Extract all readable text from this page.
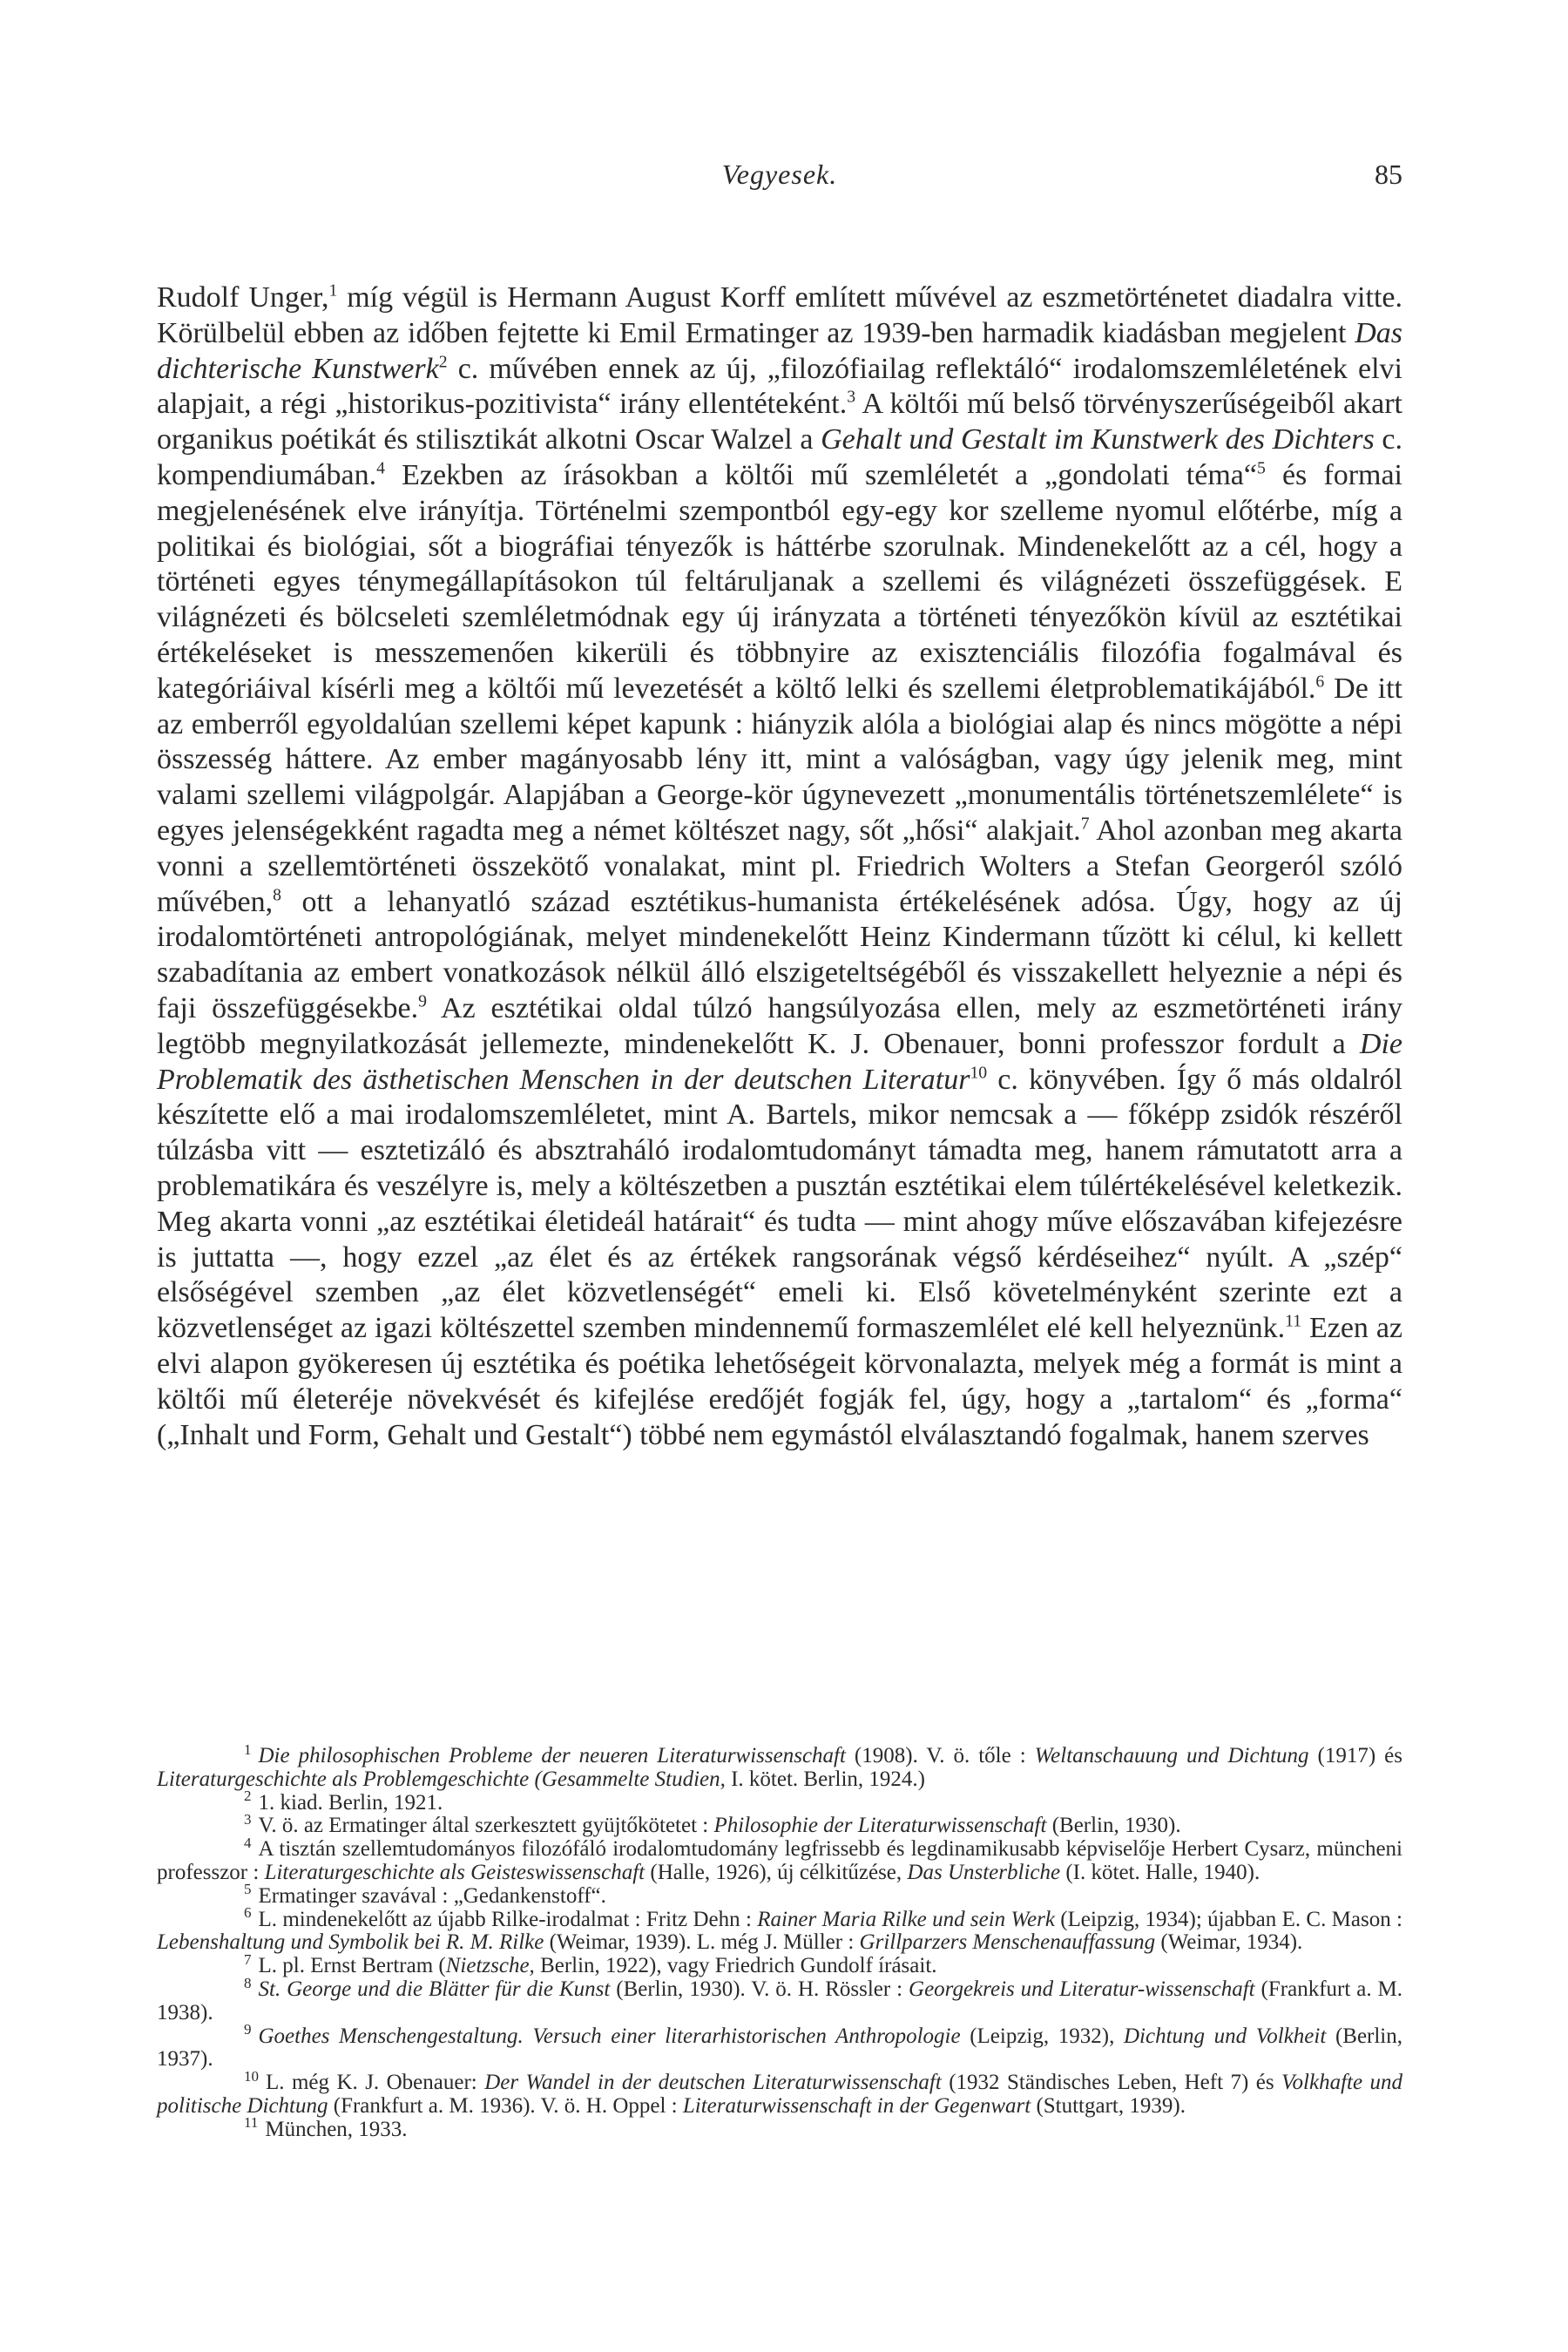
Vegyesek.	85

Rudolf Unger,$^1$ míg végül is Hermann August Korff említett művével az eszmetörténetet diadalra vitte. Körülbelül ebben az időben fejtette ki Emil Ermatinger az 1939-ben harmadik kiadásban megjelent Das dichterische Kunstwerk$^2$ c. művében ennek az új, „filozófiailag reflektáló“ irodalomszemléletének elvi alapjait, a régi „historikus-pozitivista“ irány ellentéteként.$^3$ A költői mű belső törvényszerűségeiből akart organikus poétikát és stilisztikát alkotni Oscar Walzel a Gehalt und Gestalt im Kunstwerk des Dichters c. kompendiumában.$^4$ Ezekben az írásokban a költői mű szemléletét a „gondolati téma“$^5$ és formai megjelenésének elve irányítja. Történelmi szempontból egy-egy kor szelleme nyomul előtérbe, míg a politikai és biológiai, sőt a biográfiai tényezők is háttérbe szorulnak. Mindenekelőtt az a cél, hogy a történeti egyes ténymegállapításokon túl feltáruljanak a szellemi és világnézeti összefüggések. E világnézeti és bölcseleti szemléletmódnak egy új irányzata a történeti tényezőkön kívül az esztétikai értékeléseket is messzemenően kikerüli és többnyire az exisztenciális filozófia fogalmával és kategóriáival kísérli meg a költői mű levezetését a költő lelki és szellemi életproblematikájából.$^6$ De itt az emberről egyoldalúan szellemi képet kapunk : hiányzik alóla a biológiai alap és nincs mögötte a népi összesség háttere. Az ember magányosabb lény itt, mint a valóságban, vagy úgy jelenik meg, mint valami szellemi világpolgár. Alapjában a George-kör úgynevezett „monumentális történetszemlélete“ is egyes jelenségekként ragadta meg a német költészet nagy, sőt „hősi“ alakjait.$^7$ Ahol azonban meg akarta vonni a szellemtörténeti összekötő vonalakat, mint pl. Friedrich Wolters a Stefan Georgeról szóló művében,$^8$ ott a lehanyatló század esztétikus-humanista értékelésének adósa. Úgy, hogy az új irodalomtörténeti antropológiának, melyet mindenekelőtt Heinz Kindermann tűzött ki célul, ki kellett szabadítania az embert vonatkozások nélkül álló elszigeteltségéből és visszakellett helyeznie a népi és faji összefüggésekbe.$^9$ Az esztétikai oldal túlzó hangsúlyozása ellen, mely az eszmetörténeti irány legtöbb megnyilatkozását jellemezte, mindenekelőtt K. J. Obenauer, bonni professzor fordult a Die Problematik des ästhetischen Menschen in der deutschen Literatur$^{10}$ c. könyvében. Így ő más oldalról készítette elő a mai irodalomszemléletet, mint A. Bartels, mikor nemcsak a — főképp zsidók részéről túlzásba vitt — esztetizáló és absztraháló irodalomtudományt támadta meg, hanem rámutatott arra a problematikára és veszélyre is, mely a költészetben a pusztán esztétikai elem túlértékelésével keletkezik. Meg akarta vonni „az esztétikai életideál határait“ és tudta — mint ahogy műve előszavában kifejezésre is juttatta —, hogy ezzel „az élet és az értékek rangsorának végső kérdéseihez“ nyúlt. A „szép“ elsőségével szemben „az élet közvetlenségét“ emeli ki. Első követelményként szerinte ezt a közvetlenséget az igazi költészettel szemben mindennemű formaszemlélet elé kell helyeznünk.$^{11}$ Ezen az elvi alapon gyökeresen új esztétika és poétika lehetőségeit körvonalazta, melyek még a formát is mint a költői mű életeréje növekvését és kifejlése eredőjét fogják fel, úgy, hogy a „tartalom“ és „forma“ („Inhalt und Form, Gehalt und Gestalt“) többé nem egymástól elválasztandó fogalmak, hanem szerves

$^1$ Die philosophischen Probleme der neueren Literaturwissenschaft (1908). V. ö. tőle : Weltanschauung und Dichtung (1917) és Literaturgeschichte als Problemgeschichte (Gesammelte Studien, I. kötet. Berlin, 1924.)

$^2$ 1. kiad. Berlin, 1921.

$^3$ V. ö. az Ermatinger által szerkesztett gyüjtőkötetet : Philosophie der Literaturwissenschaft (Berlin, 1930).

$^4$ A tisztán szellemtudományos filozófáló irodalomtudomány legfrissebb és legdinamikusabb képviselője Herbert Cysarz, müncheni professzor : Literaturgeschichte als Geisteswissenschaft (Halle, 1926), új célkitűzése, Das Unsterbliche (I. kötet. Halle, 1940).

$^5$ Ermatinger szavával : „Gedankenstoff“.

$^6$ L. mindenekelőtt az újabb Rilke-irodalmat : Fritz Dehn : Rainer Maria Rilke und sein Werk (Leipzig, 1934); újabban E. C. Mason : Lebenshaltung und Symbolik bei R. M. Rilke (Weimar, 1939). L. még J. Müller : Grillparzers Menschenauffassung (Weimar, 1934).

$^7$ L. pl. Ernst Bertram (Nietzsche, Berlin, 1922), vagy Friedrich Gundolf írásait.

$^8$ St. George und die Blätter für die Kunst (Berlin, 1930). V. ö. H. Rössler : Georgekreis und Literatur-wissenschaft (Frankfurt a. M. 1938).

$^9$ Goethes Menschengestaltung. Versuch einer literarhistorischen Anthropologie (Leipzig, 1932), Dichtung und Volkheit (Berlin, 1937).

$^{10}$ L. még K. J. Obenauer: Der Wandel in der deutschen Literaturwissenschaft (1932 Ständisches Leben, Heft 7) és Volkhafte und politische Dichtung (Frankfurt a. M. 1936). V. ö. H. Oppel : Literaturwissenschaft in der Gegenwart (Stuttgart, 1939).

$^{11}$ München, 1933.
